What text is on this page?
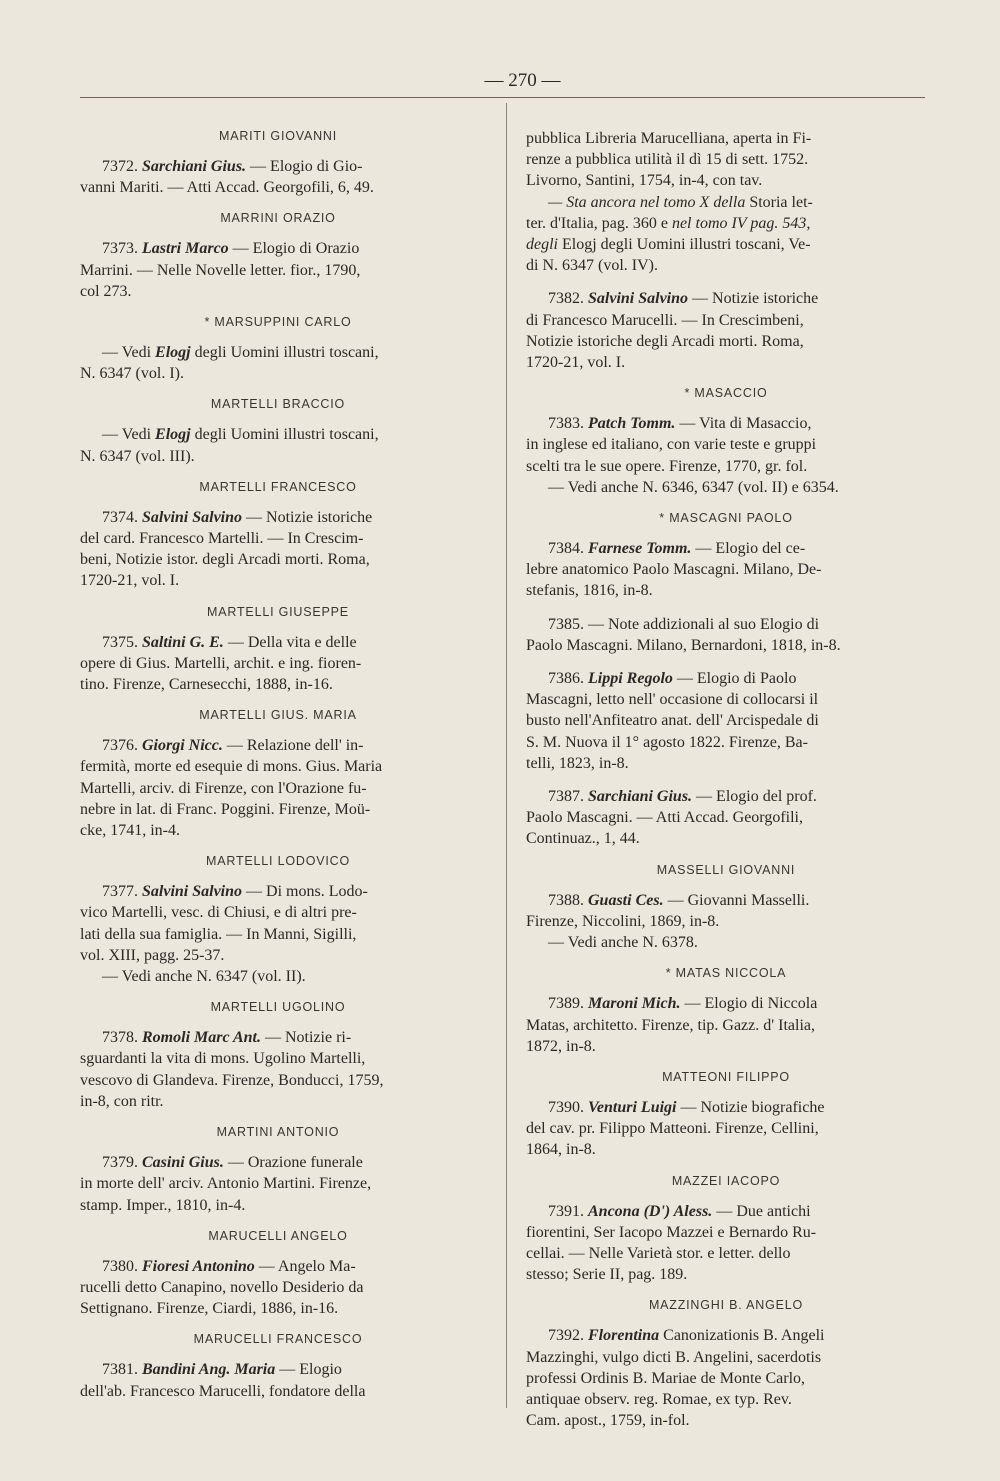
— 270 —
MARITI GIOVANNI
7372. Sarchiani Gius. — Elogio di Gio-
vanni Mariti. — Atti Accad. Georgofili, 6, 49.
MARRINI ORAZIO
7373. Lastri Marco — Elogio di Orazio
Marrini. — Nelle Novelle letter. fior., 1790,
col 273.
* MARSUPPINI CARLO
— Vedi Elogj degli Uomini illustri toscani,
N. 6347 (vol. I).
MARTELLI BRACCIO
— Vedi Elogj degli Uomini illustri toscani,
N. 6347 (vol. III).
MARTELLI FRANCESCO
7374. Salvini Salvino — Notizie istoriche
del card. Francesco Martelli. — In Crescim-
beni, Notizie istor. degli Arcadi morti. Roma,
1720-21, vol. I.
MARTELLI GIUSEPPE
7375. Saltini G. E. — Della vita e delle
opere di Gius. Martelli, archit. e ing. fioren-
tino. Firenze, Carnesecchi, 1888, in-16.
MARTELLI GIUS. MARIA
7376. Giorgi Nicc. — Relazione dell' in-
fermità, morte ed esequie di mons. Gius. Maria
Martelli, arciv. di Firenze, con l'Orazione fu-
nebre in lat. di Franc. Poggini. Firenze, Moü-
cke, 1741, in-4.
MARTELLI LODOVICO
7377. Salvini Salvino — Di mons. Lodo-
vico Martelli, vesc. di Chiusi, e di altri pre-
lati della sua famiglia. — In Manni, Sigilli,
vol. XIII, pagg. 25-37.
— Vedi anche N. 6347 (vol. II).
MARTELLI UGOLINO
7378. Romoli Marc Ant. — Notizie ri-
sguardanti la vita di mons. Ugolino Martelli,
vescovo di Glandeva. Firenze, Bonducci, 1759,
in-8, con ritr.
MARTINI ANTONIO
7379. Casini Gius. — Orazione funerale
in morte dell' arciv. Antonio Martini. Firenze,
stamp. Imper., 1810, in-4.
MARUCELLI ANGELO
7380. Fioresi Antonino — Angelo Ma-
rucelli detto Canapino, novello Desiderio da
Settignano. Firenze, Ciardi, 1886, in-16.
MARUCELLI FRANCESCO
7381. Bandini Ang. Maria — Elogio
dell'ab. Francesco Marucelli, fondatore della
pubblica Libreria Marucelliana, aperta in Fi-
renze a pubblica utilità il dì 15 di sett. 1752.
Livorno, Santini, 1754, in-4, con tav.
— Sta ancora nel tomo X della Storia let-
ter. d'Italia, pag. 360 e nel tomo IV pag. 543,
degli Elogj degli Uomini illustri toscani, Ve-
di N. 6347 (vol. IV).
7382. Salvini Salvino — Notizie istoriche
di Francesco Marucelli. — In Crescimbeni,
Notizie istoriche degli Arcadi morti. Roma,
1720-21, vol. I.
* MASACCIO
7383. Patch Tomm. — Vita di Masaccio,
in inglese ed italiano, con varie teste e gruppi
scelti tra le sue opere. Firenze, 1770, gr. fol.
— Vedi anche N. 6346, 6347 (vol. II) e 6354.
* MASCAGNI PAOLO
7384. Farnese Tomm. — Elogio del ce-
lebre anatomico Paolo Mascagni. Milano, De-
stefanis, 1816, in-8.
7385. — Note addizionali al suo Elogio di
Paolo Mascagni. Milano, Bernardoni, 1818, in-8.
7386. Lippi Regolo — Elogio di Paolo
Mascagni, letto nell' occasione di collocarsi il
busto nell'Anfiteatro anat. dell' Arcispedale di
S. M. Nuova il 1° agosto 1822. Firenze, Ba-
telli, 1823, in-8.
7387. Sarchiani Gius. — Elogio del prof.
Paolo Mascagni. — Atti Accad. Georgofili,
Continuaz., 1, 44.
MASSELLI GIOVANNI
7388. Guasti Ces. — Giovanni Masselli.
Firenze, Niccolini, 1869, in-8.
— Vedi anche N. 6378.
* MATAS NICCOLA
7389. Maroni Mich. — Elogio di Niccola
Matas, architetto. Firenze, tip. Gazz. d' Italia,
1872, in-8.
MATTEONI FILIPPO
7390. Venturi Luigi — Notizie biografiche
del cav. pr. Filippo Matteoni. Firenze, Cellini,
1864, in-8.
MAZZEI IACOPO
7391. Ancona (D') Aless. — Due antichi
fiorentini, Ser Iacopo Mazzei e Bernardo Ru-
cellai. — Nelle Varietà stor. e letter. dello
stesso; Serie II, pag. 189.
MAZZINGHI B. ANGELO
7392. Florentina Canonizationis B. Angeli
Mazzinghi, vulgo dicti B. Angelini, sacerdotis
professi Ordinis B. Mariae de Monte Carlo,
antiquae observ. reg. Romae, ex typ. Rev.
Cam. apost., 1759, in-fol.
